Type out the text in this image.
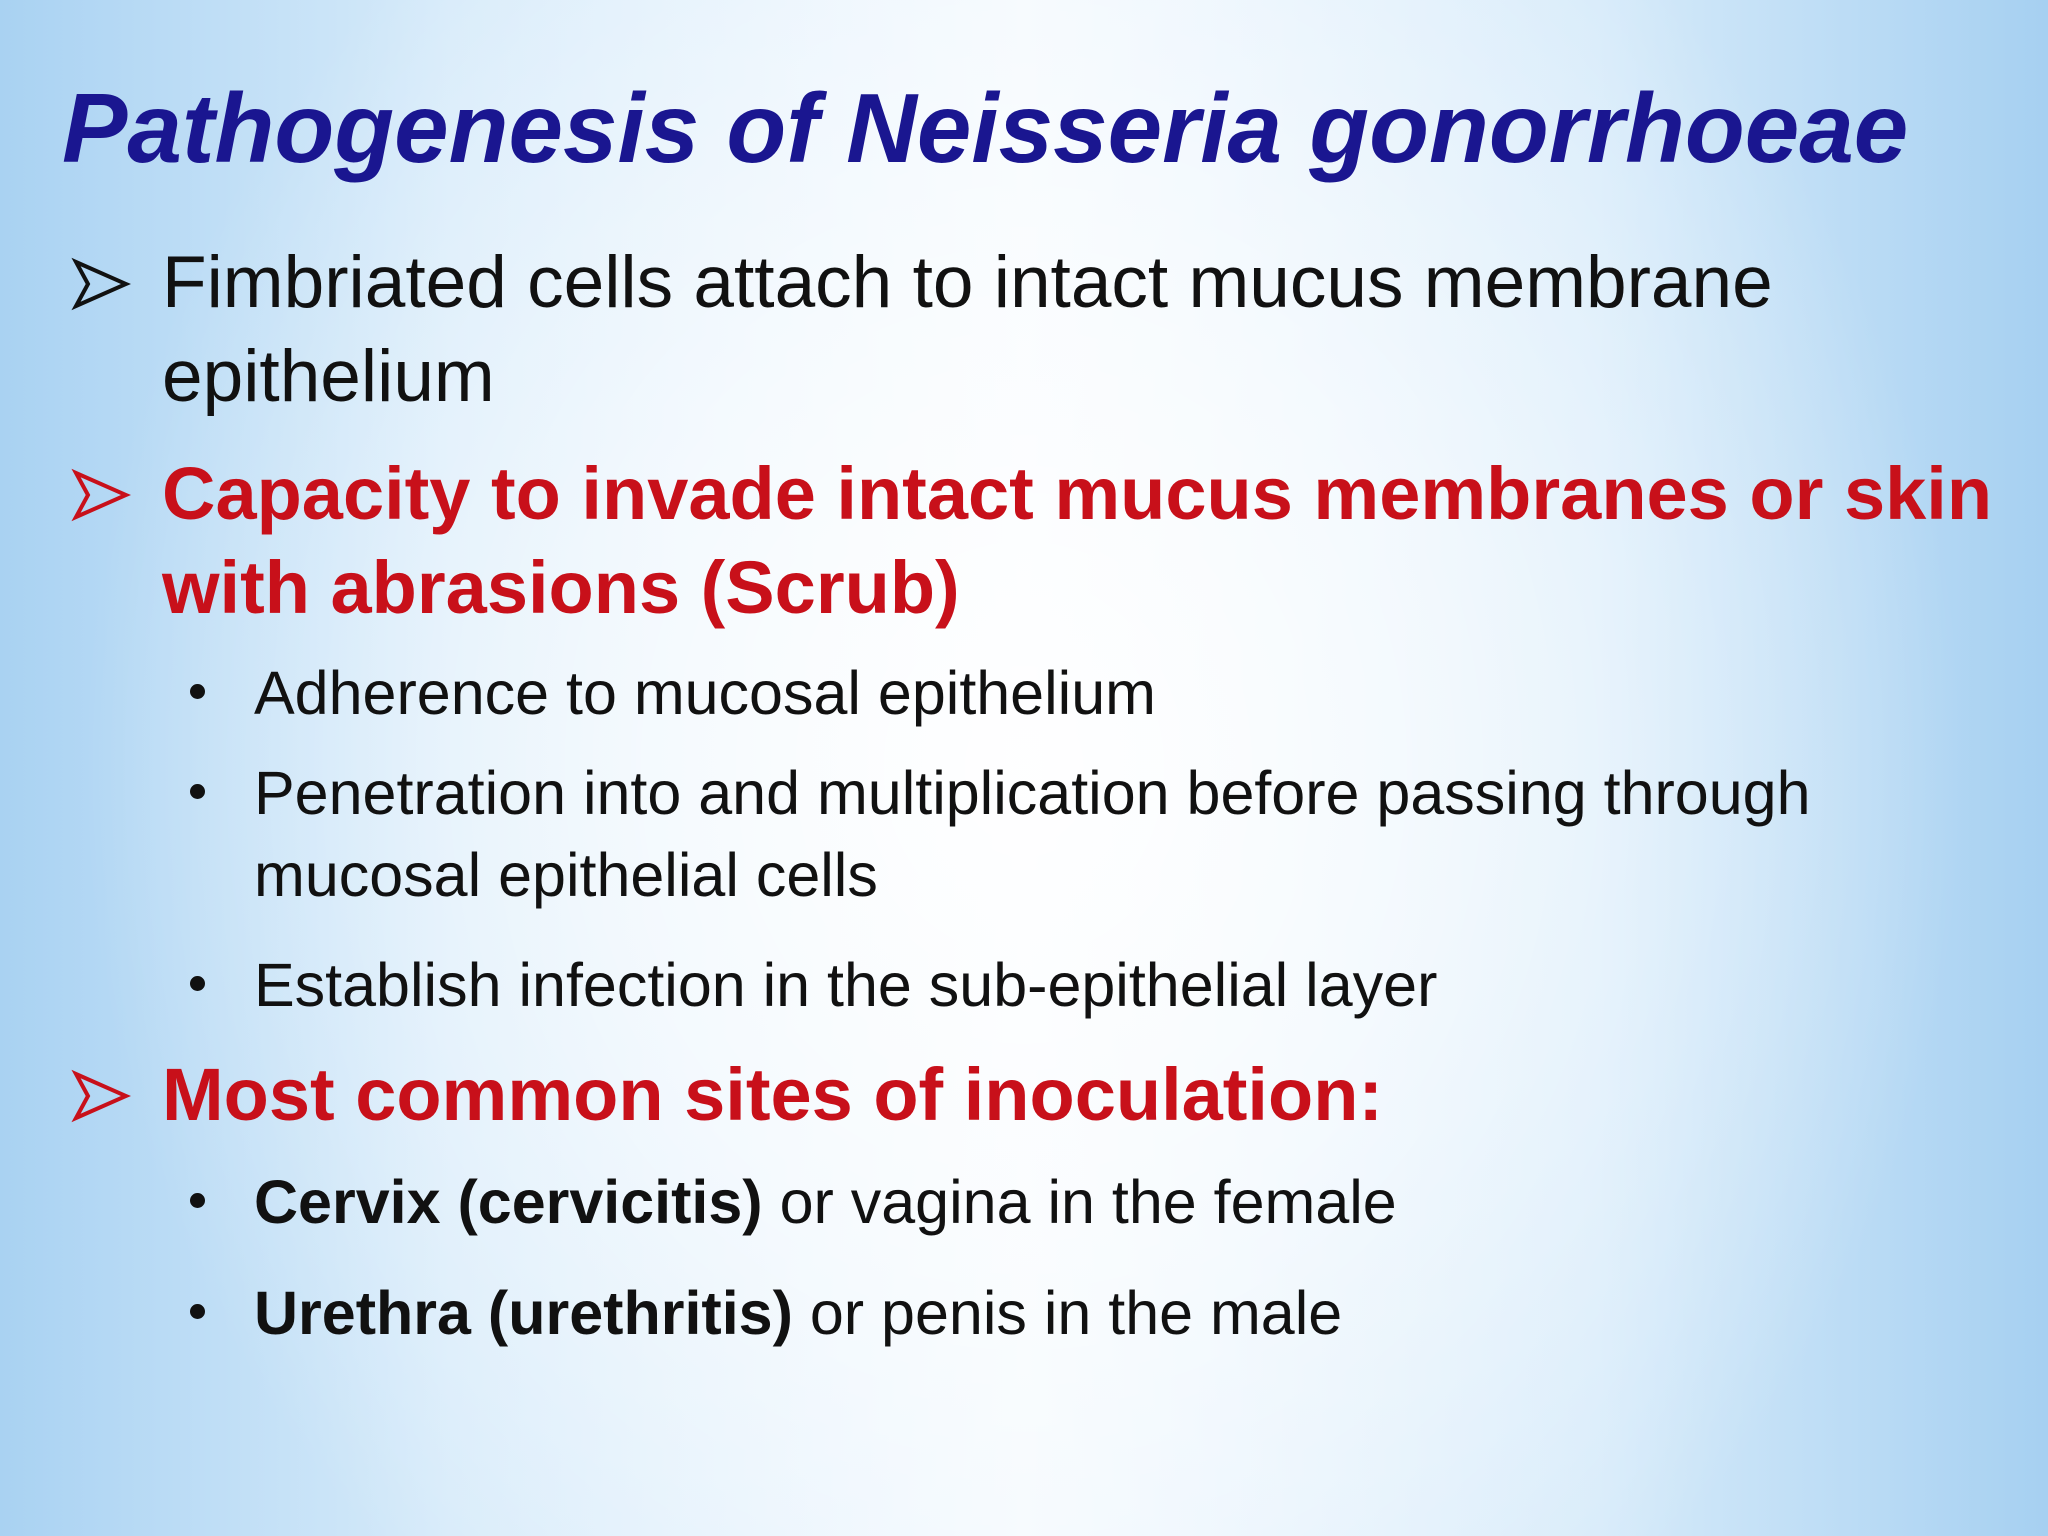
Pathogenesis of Neisseria gonorrhoeae
Fimbriated cells attach to intact mucus membrane epithelium
Capacity to invade intact mucus membranes or skin with abrasions (Scrub)
Adherence to mucosal epithelium
Penetration into and multiplication before passing through mucosal epithelial cells
Establish infection in the sub-epithelial layer
Most common sites of inoculation:
Cervix (cervicitis) or vagina in the female
Urethra (urethritis) or penis in the male
